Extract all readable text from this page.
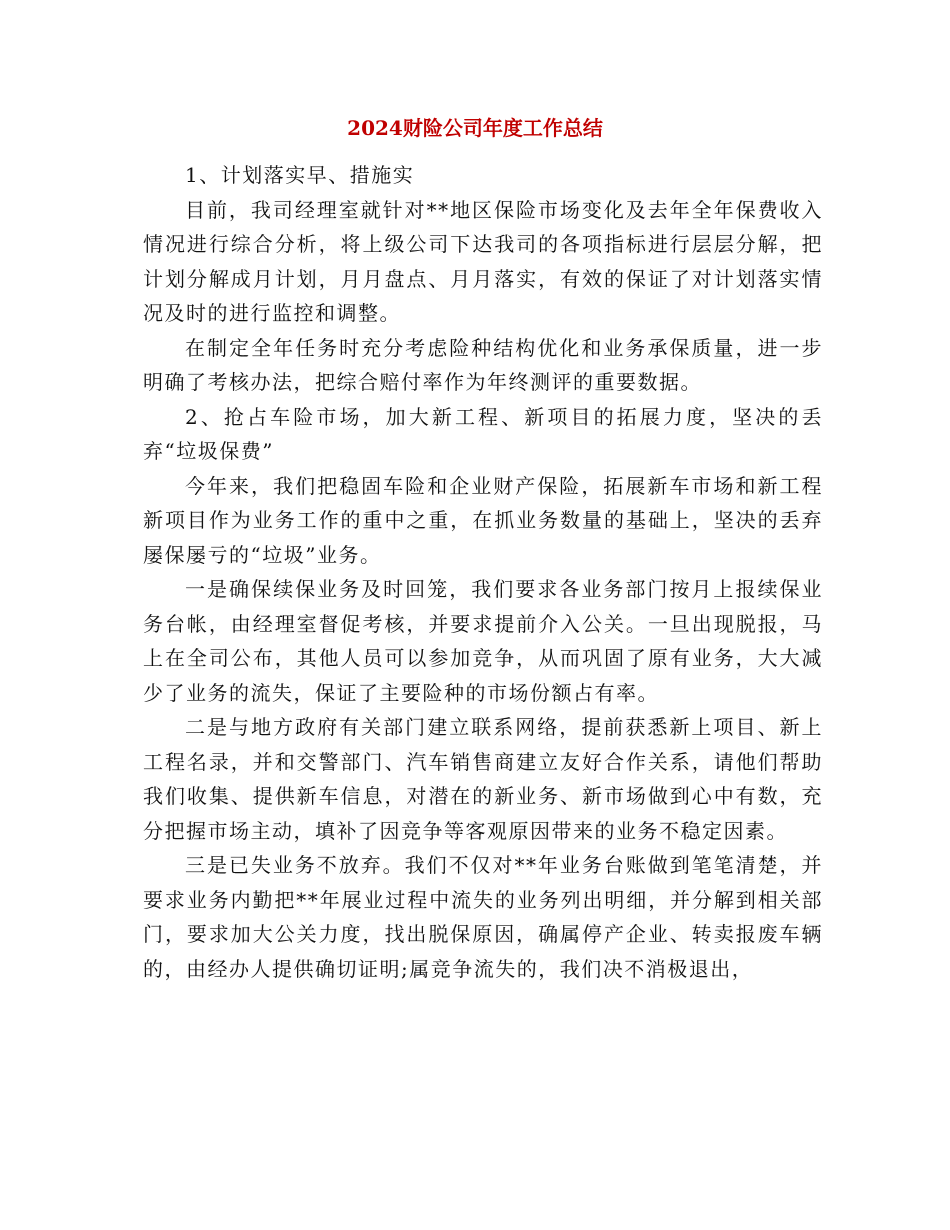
2024财险公司年度工作总结

1、计划落实早、措施实

目前，我司经理室就针对**地区保险市场变化及去年全年保费收入情况进行综合分析，将上级公司下达我司的各项指标进行层层分解，把计划分解成月计划，月月盘点、月月落实，有效的保证了对计划落实情况及时的进行监控和调整。

在制定全年任务时充分考虑险种结构优化和业务承保质量，进一步明确了考核办法，把综合赔付率作为年终测评的重要数据。

2、抢占车险市场，加大新工程、新项目的拓展力度，坚决的丢弃“垃圾保费”

今年来，我们把稳固车险和企业财产保险，拓展新车市场和新工程新项目作为业务工作的重中之重，在抓业务数量的基础上，坚决的丢弃屡保屡亏的“垃圾”业务。

一是确保续保业务及时回笼，我们要求各业务部门按月上报续保业务台帐，由经理室督促考核，并要求提前介入公关。一旦出现脱报，马上在全司公布，其他人员可以参加竞争，从而巩固了原有业务，大大减少了业务的流失，保证了主要险种的市场份额占有率。

二是与地方政府有关部门建立联系网络，提前获悉新上项目、新上工程名录，并和交警部门、汽车销售商建立友好合作关系，请他们帮助我们收集、提供新车信息，对潜在的新业务、新市场做到心中有数，充分把握市场主动，填补了因竞争等客观原因带来的业务不稳定因素。

三是已失业务不放弃。我们不仅对**年业务台账做到笔笔清楚，并要求业务内勤把**年展业过程中流失的业务列出明细，并分解到相关部门，要求加大公关力度，找出脱保原因，确属停产企业、转卖报废车辆的，由经办人提供确切证明;属竞争流失的，我们决不消极退出，
